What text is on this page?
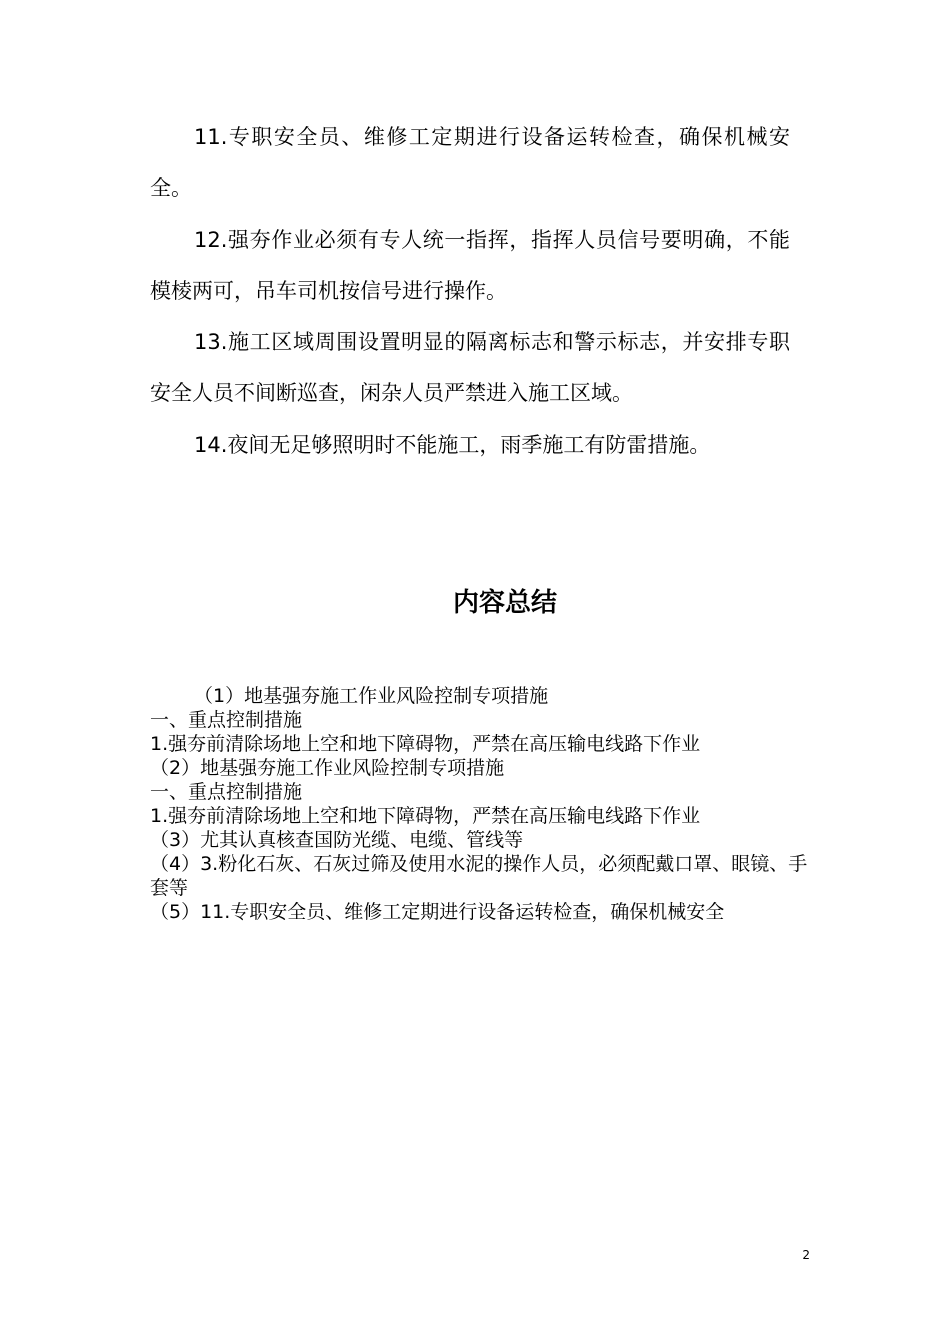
11.专职安全员、维修工定期进行设备运转检查，确保机械安全。

12.强夯作业必须有专人统一指挥，指挥人员信号要明确，不能模棱两可，吊车司机按信号进行操作。

13.施工区域周围设置明显的隔离标志和警示标志，并安排专职安全人员不间断巡查，闲杂人员严禁进入施工区域。

14.夜间无足够照明时不能施工，雨季施工有防雷措施。

内容总结
（1）地基强夯施工作业风险控制专项措施
一、重点控制措施
1.强夯前清除场地上空和地下障碍物，严禁在高压输电线路下作业
（2）地基强夯施工作业风险控制专项措施
一、重点控制措施
1.强夯前清除场地上空和地下障碍物，严禁在高压输电线路下作业
（3）尤其认真核查国防光缆、电缆、管线等
（4）3.粉化石灰、石灰过筛及使用水泥的操作人员，必须配戴口罩、眼镜、手套等
（5）11.专职安全员、维修工定期进行设备运转检查，确保机械安全
2
